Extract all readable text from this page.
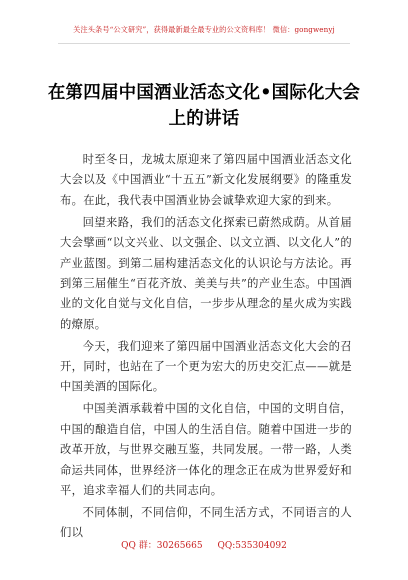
关注头条号“公文研究”，获得最新最全最专业的公文资料库！ 微信：gongwenyj
在第四届中国酒业活态文化•国际化大会
上的讲话

时至冬日，龙城太原迎来了第四届中国酒业活态文化大会以及《中国酒业“十五五”新文化发展纲要》的隆重发布。在此，我代表中国酒业协会诚挚欢迎大家的到来。

回望来路，我们的活态文化探索已蔚然成荫。从首届大会擘画“以文兴业、以文强企、以文立酒、以文化人”的产业蓝图。到第二届构建活态文化的认识论与方法论。再到第三届催生“百花齐放、美美与共”的产业生态。中国酒业的文化自觉与文化自信，一步步从理念的星火成为实践的燎原。

今天，我们迎来了第四届中国酒业活态文化大会的召开，同时，也站在了一个更为宏大的历史交汇点——就是中国美酒的国际化。

中国美酒承载着中国的文化自信，中国的文明自信，中国的酿造自信，中国人的生活自信。随着中国进一步的改革开放，与世界交融互鉴，共同发展。一带一路，人类命运共同体，世界经济一体化的理念正在成为世界爱好和平，追求幸福人们的共同志向。

不同体制，不同信仰，不同生活方式，不同语言的人们以

QQ 群：30265665 QQ:535304092
